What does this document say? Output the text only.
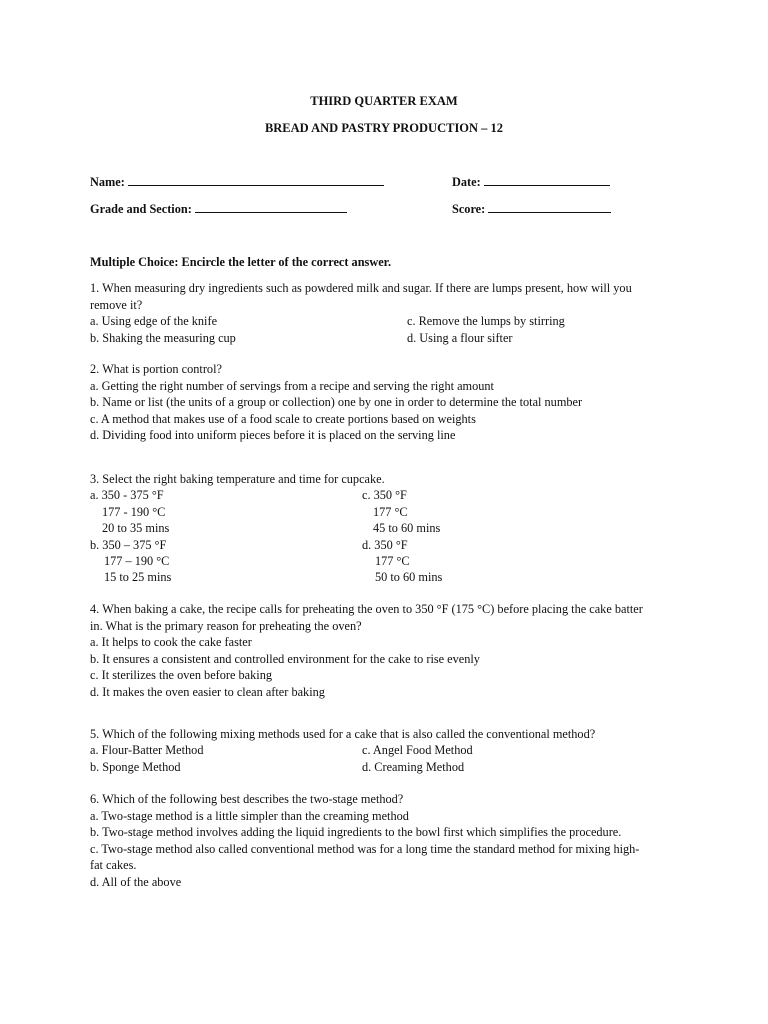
THIRD QUARTER EXAM
BREAD AND PASTRY PRODUCTION – 12
Name:	Date:
Grade and Section:	Score:
Multiple Choice: Encircle the letter of the correct answer.
1. When measuring dry ingredients such as powdered milk and sugar. If there are lumps present, how will you
remove it?
a. Using edge of the knife
b. Shaking the measuring cup
c. Remove the lumps by stirring
d. Using a flour sifter
2. What is portion control?
a. Getting the right number of servings from a recipe and serving the right amount
b. Name or list (the units of a group or collection) one by one in order to determine the total number
c. A method that makes use of a food scale to create portions based on weights
d. Dividing food into uniform pieces before it is placed on the serving line
3. Select the right baking temperature and time for cupcake.
a. 350 - 375 °F
177 - 190 °C
20 to 35 mins
b. 350 – 375 °F
177 – 190 °C
15 to 25 mins
c. 350 °F
177 °C
45 to 60 mins
d. 350 °F
177 °C
50 to 60 mins
4. When baking a cake, the recipe calls for preheating the oven to 350 °F (175 °C) before placing the cake batter
in. What is the primary reason for preheating the oven?
a. It helps to cook the cake faster
b. It ensures a consistent and controlled environment for the cake to rise evenly
c. It sterilizes the oven before baking
d. It makes the oven easier to clean after baking
5. Which of the following mixing methods used for a cake that is also called the conventional method?
a. Flour-Batter Method
b. Sponge Method
c. Angel Food Method
d. Creaming Method
6. Which of the following best describes the two-stage method?
a. Two-stage method is a little simpler than the creaming method
b. Two-stage method involves adding the liquid ingredients to the bowl first which simplifies the procedure.
c. Two-stage method also called conventional method was for a long time the standard method for mixing high-
fat cakes.
d. All of the above
